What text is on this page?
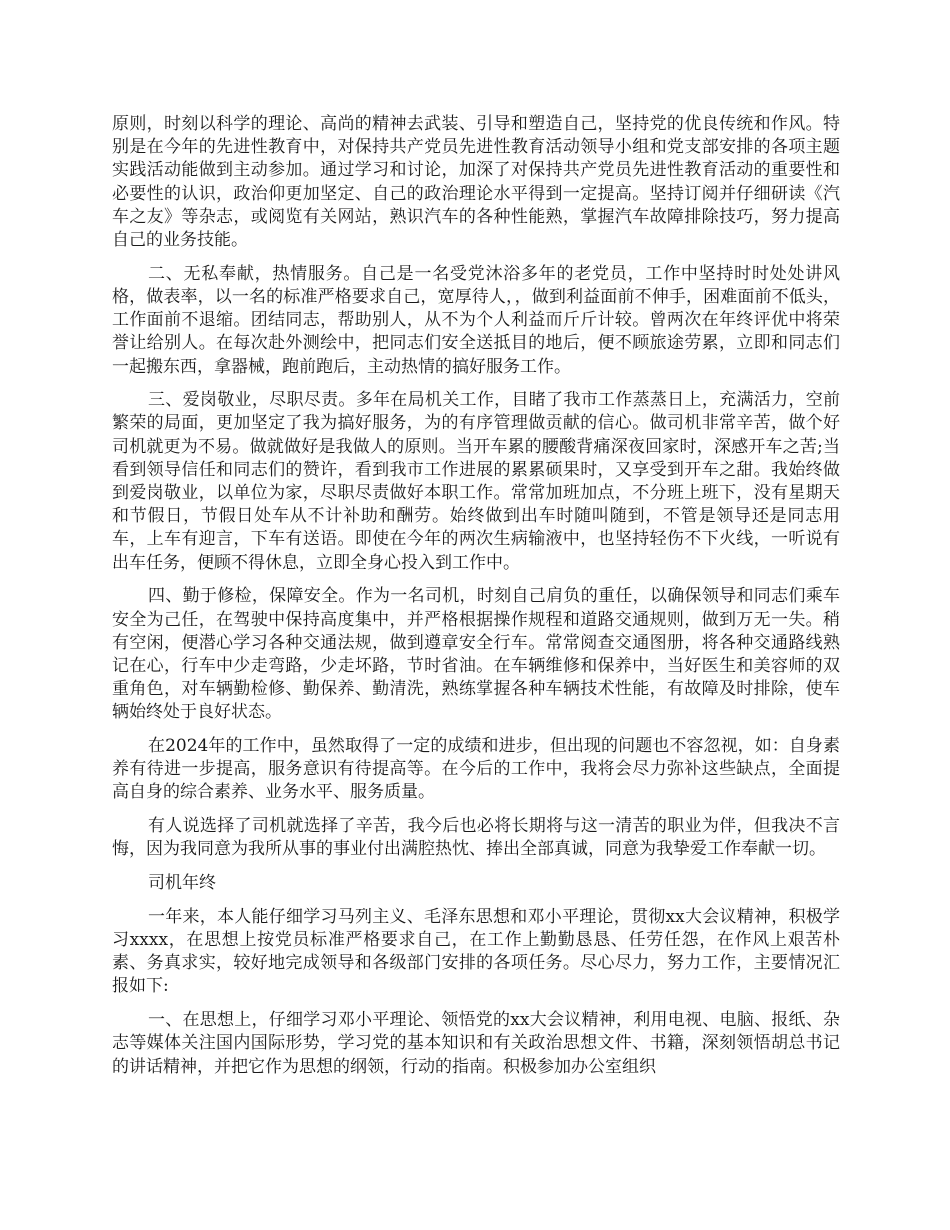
原则，时刻以科学的理论、高尚的精神去武装、引导和塑造自己，坚持党的优良传统和作风。特别是在今年的先进性教育中，对保持共产党员先进性教育活动领导小组和党支部安排的各项主题实践活动能做到主动参加。通过学习和讨论，加深了对保持共产党员先进性教育活动的重要性和必要性的认识，政治仰更加坚定、自己的政治理论水平得到一定提高。坚持订阅并仔细研读《汽车之友》等杂志，或阅览有关网站，熟识汽车的各种性能熟，掌握汽车故障排除技巧，努力提高自己的业务技能。

二、无私奉献，热情服务。自己是一名受党沐浴多年的老党员，工作中坚持时时处处讲风格，做表率，以一名的标准严格要求自己，宽厚待人，，做到利益面前不伸手，困难面前不低头，工作面前不退缩。团结同志，帮助别人，从不为个人利益而斤斤计较。曾两次在年终评优中将荣誉让给别人。在每次赴外测绘中，把同志们安全送抵目的地后，便不顾旅途劳累，立即和同志们一起搬东西，拿器械，跑前跑后，主动热情的搞好服务工作。

三、爱岗敬业，尽职尽责。多年在局机关工作，目睹了我市工作蒸蒸日上，充满活力，空前繁荣的局面，更加坚定了我为搞好服务，为的有序管理做贡献的信心。做司机非常辛苦，做个好司机就更为不易。做就做好是我做人的原则。当开车累的腰酸背痛深夜回家时，深感开车之苦;当看到领导信任和同志们的赞许，看到我市工作进展的累累硕果时，又享受到开车之甜。我始终做到爱岗敬业，以单位为家，尽职尽责做好本职工作。常常加班加点，不分班上班下，没有星期天和节假日，节假日处车从不计补助和酬劳。始终做到出车时随叫随到，不管是领导还是同志用车，上车有迎言，下车有送语。即使在今年的两次生病输液中，也坚持轻伤不下火线，一听说有出车任务，便顾不得休息，立即全身心投入到工作中。

四、勤于修检，保障安全。作为一名司机，时刻自己肩负的重任，以确保领导和同志们乘车安全为己任，在驾驶中保持高度集中，并严格根据操作规程和道路交通规则，做到万无一失。稍有空闲，便潜心学习各种交通法规，做到遵章安全行车。常常阅查交通图册，将各种交通路线熟记在心，行车中少走弯路，少走坏路，节时省油。在车辆维修和保养中，当好医生和美容师的双重角色，对车辆勤检修、勤保养、勤清洗，熟练掌握各种车辆技术性能，有故障及时排除，使车辆始终处于良好状态。

在2024年的工作中，虽然取得了一定的成绩和进步，但出现的问题也不容忽视，如：自身素养有待进一步提高，服务意识有待提高等。在今后的工作中，我将会尽力弥补这些缺点，全面提高自身的综合素养、业务水平、服务质量。

有人说选择了司机就选择了辛苦，我今后也必将长期将与这一清苦的职业为伴，但我决不言悔，因为我同意为我所从事的事业付出满腔热忱、捧出全部真诚，同意为我挚爱工作奉献一切。

司机年终

一年来，本人能仔细学习马列主义、毛泽东思想和邓小平理论，贯彻xx大会议精神，积极学习xxxx，在思想上按党员标准严格要求自己，在工作上勤勤恳恳、任劳任怨，在作风上艰苦朴素、务真求实，较好地完成领导和各级部门安排的各项任务。尽心尽力，努力工作，主要情况汇报如下:

一、在思想上，仔细学习邓小平理论、领悟党的xx大会议精神，利用电视、电脑、报纸、杂志等媒体关注国内国际形势，学习党的基本知识和有关政治思想文件、书籍，深刻领悟胡总书记的讲话精神，并把它作为思想的纲领，行动的指南。积极参加办公室组织
